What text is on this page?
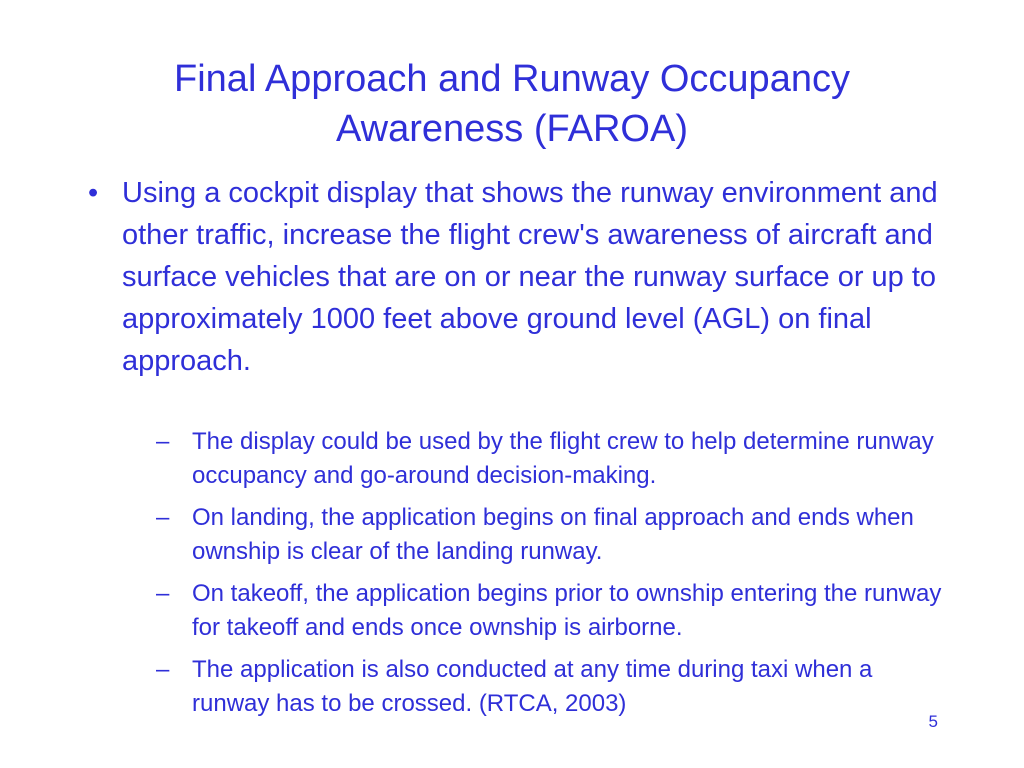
Final Approach and Runway Occupancy
Awareness (FAROA)
• Using a cockpit display that shows the runway environment and other traffic, increase the flight crew's awareness of aircraft and surface vehicles that are on or near the runway surface or up to approximately 1000 feet above ground level (AGL) on final approach.
– The display could be used by the flight crew to help determine runway occupancy and go-around decision-making.
– On landing, the application begins on final approach and ends when ownship is clear of the landing runway.
– On takeoff, the application begins prior to ownship entering the runway for takeoff and ends once ownship is airborne.
– The application is also conducted at any time during taxi when a runway has to be crossed. (RTCA, 2003)
5
